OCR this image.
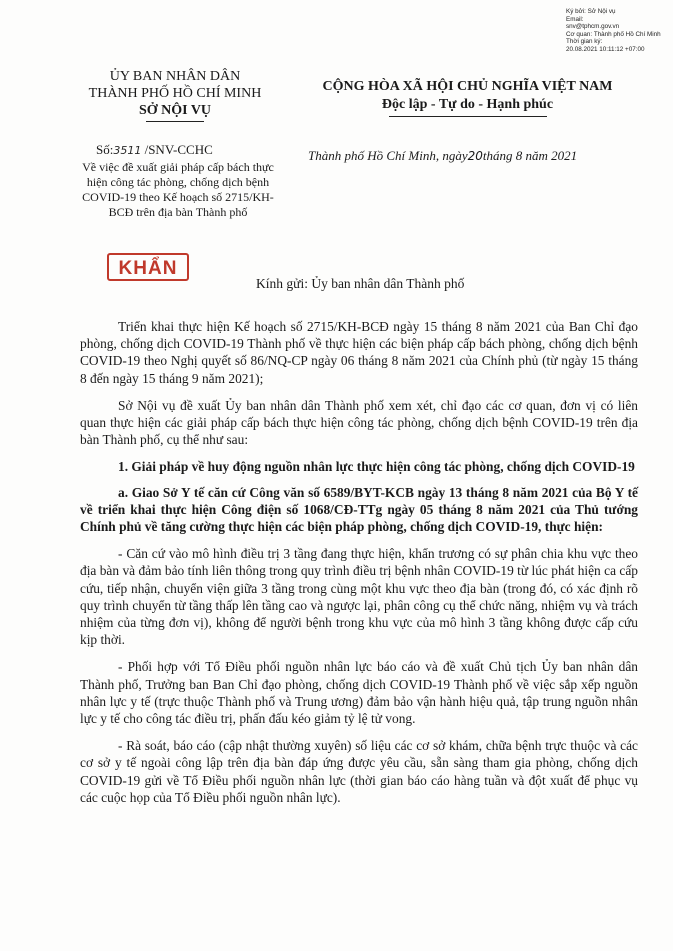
Ký bởi: Sở Nội vụ
Email:
snv@tphcm.gov.vn
Cơ quan: Thành phố Hồ Chí Minh
Thời gian ký:
20.08.2021 10:11:12 +07:00
ỦY BAN NHÂN DÂN
THÀNH PHỐ HỒ CHÍ MINH
SỞ NỘI VỤ
CỘNG HÒA XÃ HỘI CHỦ NGHĨA VIỆT NAM
Độc lập - Tự do - Hạnh phúc
Số:3511 /SNV-CCHC
Về việc đề xuất giải pháp cấp bách thực hiện công tác phòng, chống dịch bệnh COVID-19 theo Kế hoạch số 2715/KH-BCĐ trên địa bàn Thành phố
Thành phố Hồ Chí Minh, ngày20tháng 8 năm 2021
KHẨN
Kính gửi: Ủy ban nhân dân Thành phố

Triển khai thực hiện Kế hoạch số 2715/KH-BCĐ ngày 15 tháng 8 năm 2021 của Ban Chỉ đạo phòng, chống dịch COVID-19 Thành phố về thực hiện các biện pháp cấp bách phòng, chống dịch bệnh COVID-19 theo Nghị quyết số 86/NQ-CP ngày 06 tháng 8 năm 2021 của Chính phủ (từ ngày 15 tháng 8 đến ngày 15 tháng 9 năm 2021);

Sở Nội vụ đề xuất Ủy ban nhân dân Thành phố xem xét, chỉ đạo các cơ quan, đơn vị có liên quan thực hiện các giải pháp cấp bách thực hiện công tác phòng, chống dịch bệnh COVID-19 trên địa bàn Thành phố, cụ thể như sau:

1. Giải pháp về huy động nguồn nhân lực thực hiện công tác phòng, chống dịch COVID-19

a. Giao Sở Y tế căn cứ Công văn số 6589/BYT-KCB ngày 13 tháng 8 năm 2021 của Bộ Y tế về triển khai thực hiện Công điện số 1068/CĐ-TTg ngày 05 tháng 8 năm 2021 của Thủ tướng Chính phủ về tăng cường thực hiện các biện pháp phòng, chống dịch COVID-19, thực hiện:

- Căn cứ vào mô hình điều trị 3 tầng đang thực hiện, khẩn trương có sự phân chia khu vực theo địa bàn và đảm bảo tính liên thông trong quy trình điều trị bệnh nhân COVID-19 từ lúc phát hiện ca cấp cứu, tiếp nhận, chuyển viện giữa 3 tầng trong cùng một khu vực theo địa bàn (trong đó, có xác định rõ quy trình chuyển từ tầng thấp lên tầng cao và ngược lại, phân công cụ thể chức năng, nhiệm vụ và trách nhiệm của từng đơn vị), không để người bệnh trong khu vực của mô hình 3 tầng không được cấp cứu kịp thời.

- Phối hợp với Tổ Điều phối nguồn nhân lực báo cáo và đề xuất Chủ tịch Ủy ban nhân dân Thành phố, Trưởng ban Ban Chỉ đạo phòng, chống dịch COVID-19 Thành phố về việc sắp xếp nguồn nhân lực y tế (trực thuộc Thành phố và Trung ương) đảm bảo vận hành hiệu quả, tập trung nguồn nhân lực y tế cho công tác điều trị, phấn đấu kéo giảm tỷ lệ tử vong.

- Rà soát, báo cáo (cập nhật thường xuyên) số liệu các cơ sở khám, chữa bệnh trực thuộc và các cơ sở y tế ngoài công lập trên địa bàn đáp ứng được yêu cầu, sẵn sàng tham gia phòng, chống dịch COVID-19 gửi về Tổ Điều phối nguồn nhân lực (thời gian báo cáo hàng tuần và đột xuất để phục vụ các cuộc họp của Tổ Điều phối nguồn nhân lực).
